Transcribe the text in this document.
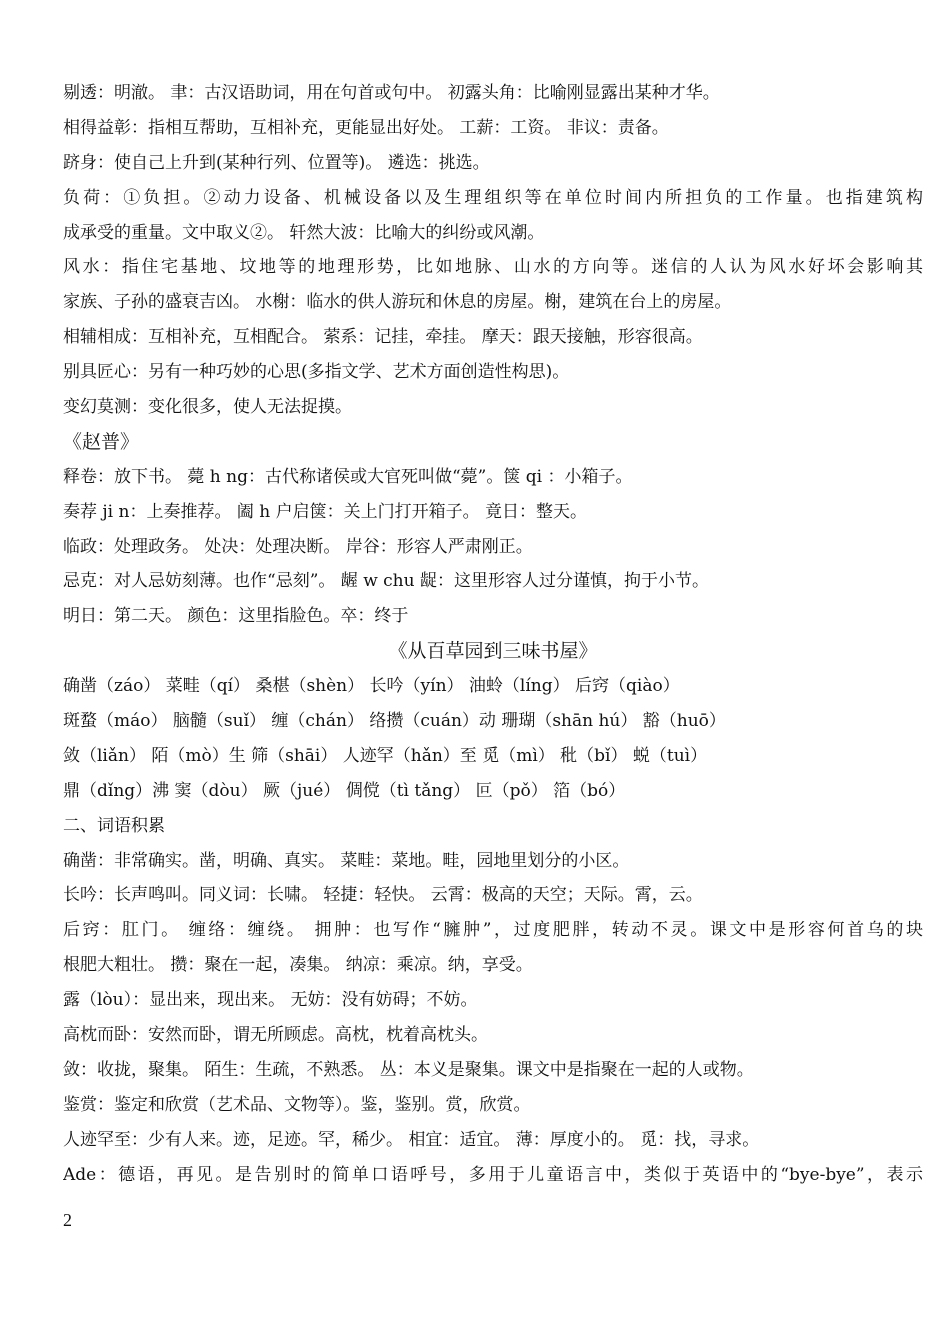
剔透：明澈。 聿：古汉语助词，用在句首或句中。 初露头角：比喻刚显露出某种才华。
相得益彰：指相互帮助，互相补充，更能显出好处。 工薪：工资。 非议：责备。
跻身：使自己上升到(某种行列、位置等)。 遴选：挑选。
负荷：①负担。②动力设备、机械设备以及生理组织等在单位时间内所担负的工作量。也指建筑构
成承受的重量。文中取义②。 轩然大波：比喻大的纠纷或风潮。
风水：指住宅基地、坟地等的地理形势，比如地脉、山水的方向等。迷信的人认为风水好坏会影响其
家族、子孙的盛衰吉凶。 水榭：临水的供人游玩和休息的房屋。榭，建筑在台上的房屋。
相辅相成：互相补充，互相配合。 萦系：记挂，牵挂。 摩天：跟天接触，形容很高。
别具匠心：另有一种巧妙的心思(多指文学、艺术方面创造性构思)。
变幻莫测：变化很多，使人无法捉摸。
《赵普》
释卷：放下书。 薨 h ng：古代称诸侯或大官死叫做“薨”。箧 qi ：小箱子。
奏荐 ji n：上奏推荐。 阖 h 户启箧：关上门打开箱子。 竟日：整天。
临政：处理政务。 处决：处理决断。 岸谷：形容人严肃刚正。
忌克：对人忌妨刻薄。也作“忌刻”。 龌 w chu 龊：这里形容人过分谨慎，拘于小节。
明日：第二天。 颜色：这里指脸色。卒：终于
《从百草园到三味书屋》
确凿（záo） 菜畦（qí） 桑椹（shèn） 长吟（yín） 油蛉（líng） 后窍（qiào）
斑蝥（máo） 脑髓（suǐ） 缠（chán） 络攒（cuán）动 珊瑚（shān hú） 豁（huō）
敛（liǎn） 陌（mò）生 筛（shāi） 人迹罕（hǎn）至 觅（mì） 秕（bǐ） 蜕（tuì）
鼎（dǐng）沸 窦（dòu） 厥（jué） 倜傥（tì tǎng） 叵（pǒ） 箔（bó）
二、词语积累
确凿：非常确实。凿，明确、真实。 菜畦：菜地。畦，园地里划分的小区。
长吟：长声鸣叫。同义词：长啸。 轻捷：轻快。 云霄：极高的天空；天际。霄，云。
后窍：肛门。 缠络：缠绕。 拥肿：也写作“臃肿”，过度肥胖，转动不灵。课文中是形容何首乌的块
根肥大粗壮。 攒：聚在一起，凑集。 纳凉：乘凉。纳，享受。
露（lòu）：显出来，现出来。 无妨：没有妨碍；不妨。
高枕而卧：安然而卧，谓无所顾虑。高枕，枕着高枕头。
敛：收拢，聚集。 陌生：生疏，不熟悉。 丛：本义是聚集。课文中是指聚在一起的人或物。
鉴赏：鉴定和欣赏（艺术品、文物等）。鉴，鉴别。赏，欣赏。
人迹罕至：少有人来。迹，足迹。罕，稀少。 相宜：适宜。 薄：厚度小的。 觅：找，寻求。
Ade：德语，再见。是告别时的简单口语呼号，多用于儿童语言中，类似于英语中的“bye-bye”，表示
2
